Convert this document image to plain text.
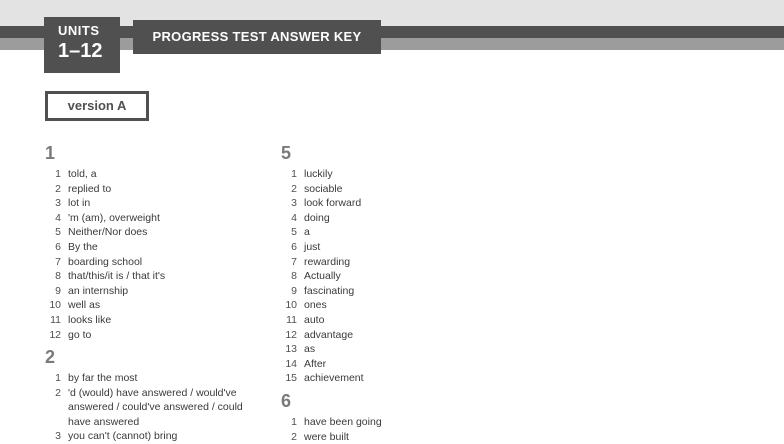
UNITS
1–12
PROGRESS TEST ANSWER KEY
version A
1
1 told, a
2 replied to
3 lot in
4 'm (am), overweight
5 Neither/Nor does
6 By the
7 boarding school
8 that/this/it is / that it's
9 an internship
10 well as
11 looks like
12 go to
2
1 by far the most
2 'd (would) have answered / would've answered / could've answered / could have answered
3 you can't (cannot) bring
5
1 luckily
2 sociable
3 look forward
4 doing
5 a
6 just
7 rewarding
8 Actually
9 fascinating
10 ones
11 auto
12 advantage
13 as
14 After
15 achievement
6
1 have been going
2 were built
